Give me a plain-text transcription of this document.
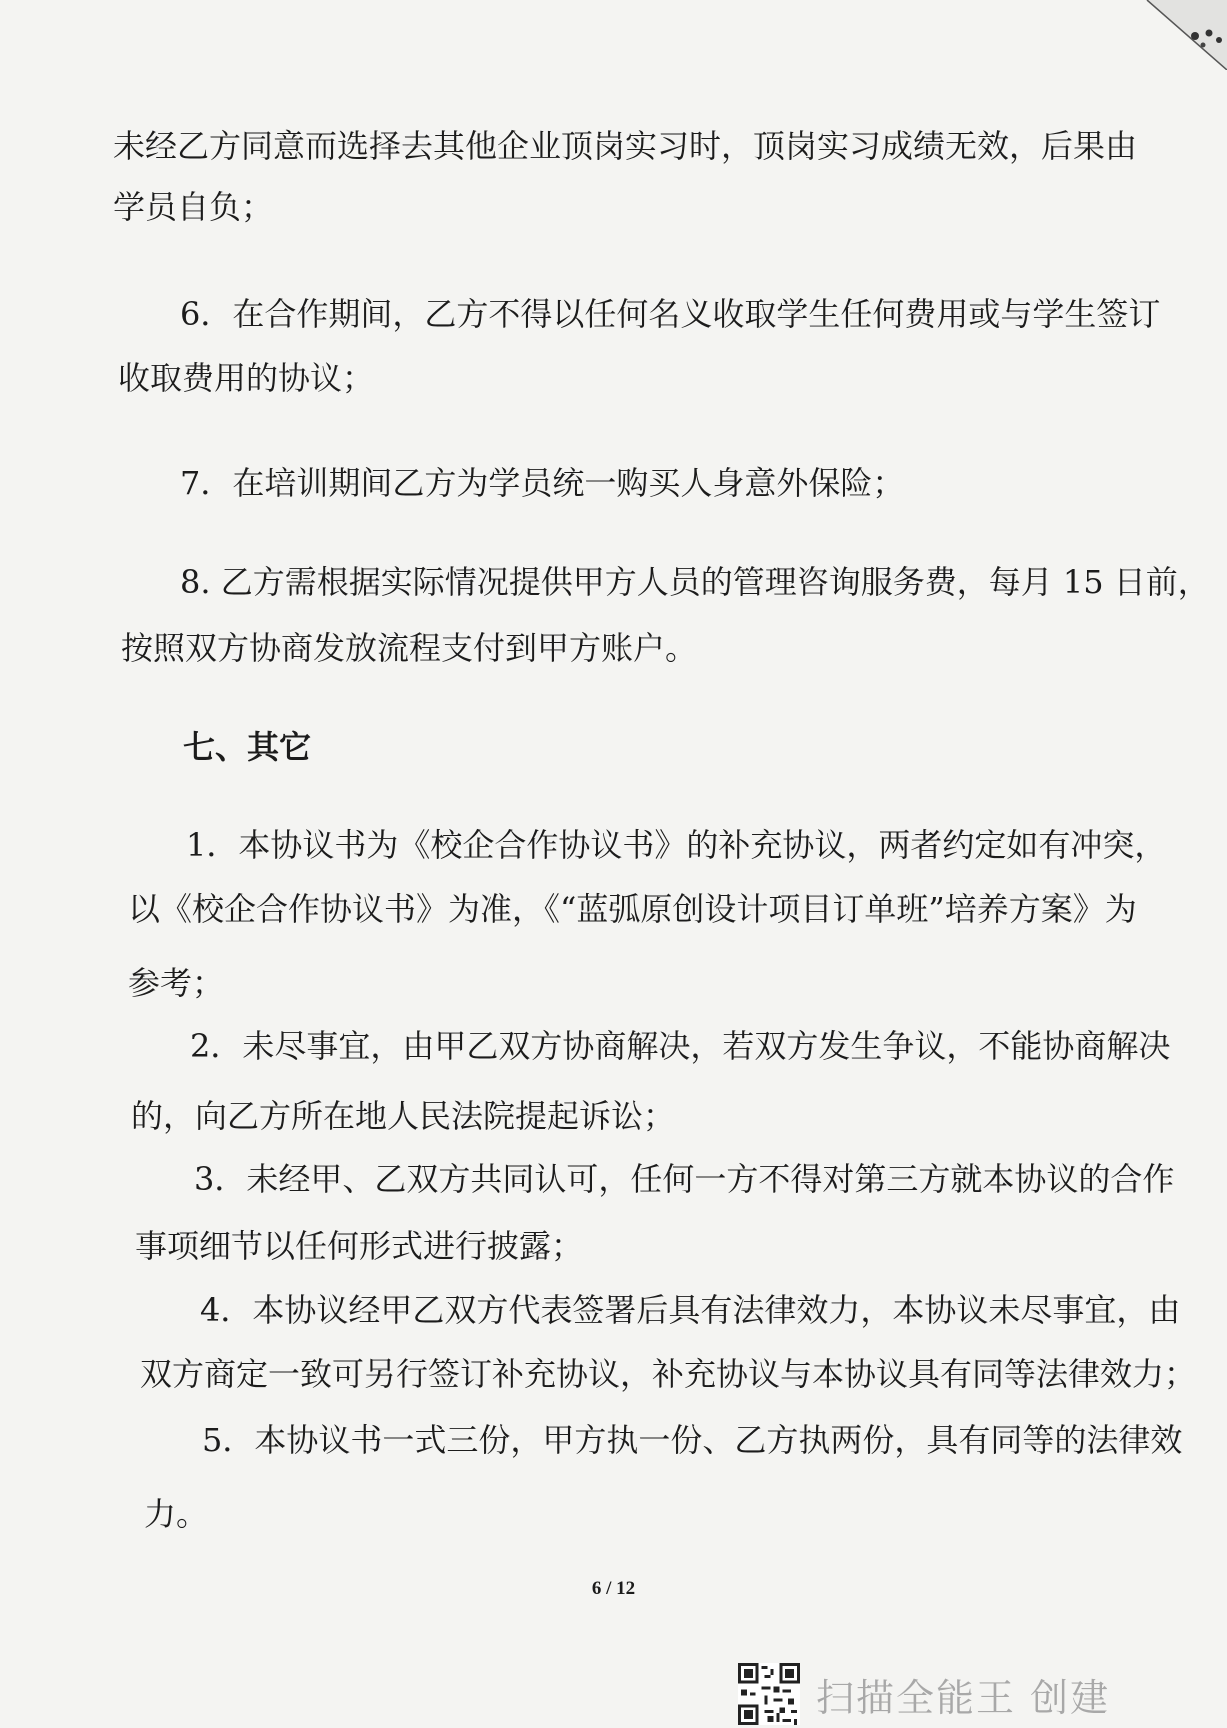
未经乙方同意而选择去其他企业顶岗实习时，顶岗实习成绩无效，后果由
学员自负；
6．在合作期间，乙方不得以任何名义收取学生任何费用或与学生签订
收取费用的协议；
7．在培训期间乙方为学员统一购买人身意外保险；
8. 乙方需根据实际情况提供甲方人员的管理咨询服务费，每月 15 日前，
按照双方协商发放流程支付到甲方账户。
七、其它
1．本协议书为《校企合作协议书》的补充协议，两者约定如有冲突，
以《校企合作协议书》为准，《“蓝弧原创设计项目订单班”培养方案》为
参考；
2．未尽事宜，由甲乙双方协商解决，若双方发生争议，不能协商解决
的，向乙方所在地人民法院提起诉讼；
3．未经甲、乙双方共同认可，任何一方不得对第三方就本协议的合作
事项细节以任何形式进行披露；
4．本协议经甲乙双方代表签署后具有法律效力，本协议未尽事宜，由
双方商定一致可另行签订补充协议，补充协议与本协议具有同等法律效力；
5．本协议书一式三份，甲方执一份、乙方执两份，具有同等的法律效
力。
6 / 12
扫描全能王 创建
